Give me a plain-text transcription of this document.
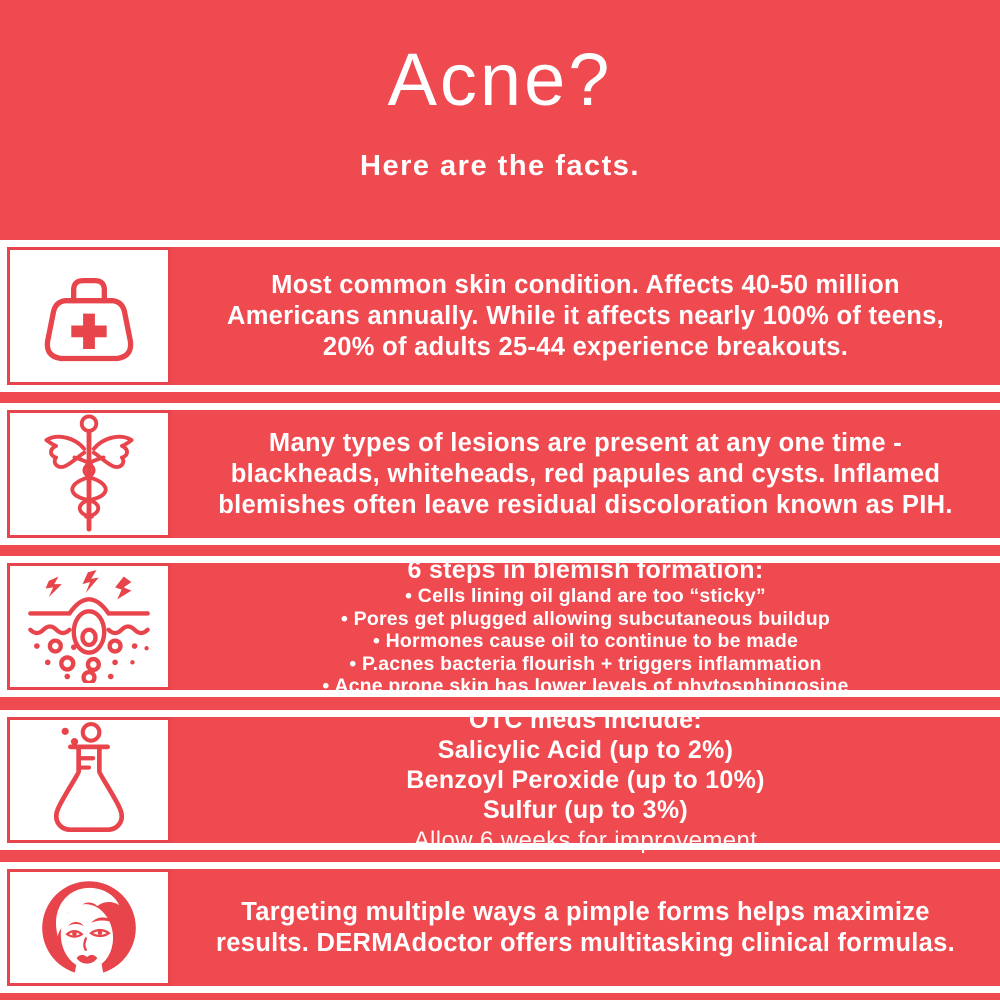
Acne?
Here are the facts.
Most common skin condition. Affects 40-50 million
Americans annually. While it affects nearly 100% of teens,
20% of adults 25-44 experience breakouts.
Many types of lesions are present at any one time -
blackheads, whiteheads, red papules and cysts. Inflamed
blemishes often leave residual discoloration known as PIH.
6 steps in blemish formation:
• Cells lining oil gland are too “sticky”
• Pores get plugged allowing subcutaneous buildup
• Hormones cause oil to continue to be made
• P.acnes bacteria flourish + triggers inflammation
• Acne prone skin has lower levels of phytosphingosine
OTC meds include:
Salicylic Acid (up to 2%)
Benzoyl Peroxide (up to 10%)
Sulfur (up to 3%)
Allow 6 weeks for improvement
Targeting multiple ways a pimple forms helps maximize
results. DERMAdoctor offers multitasking clinical formulas.
